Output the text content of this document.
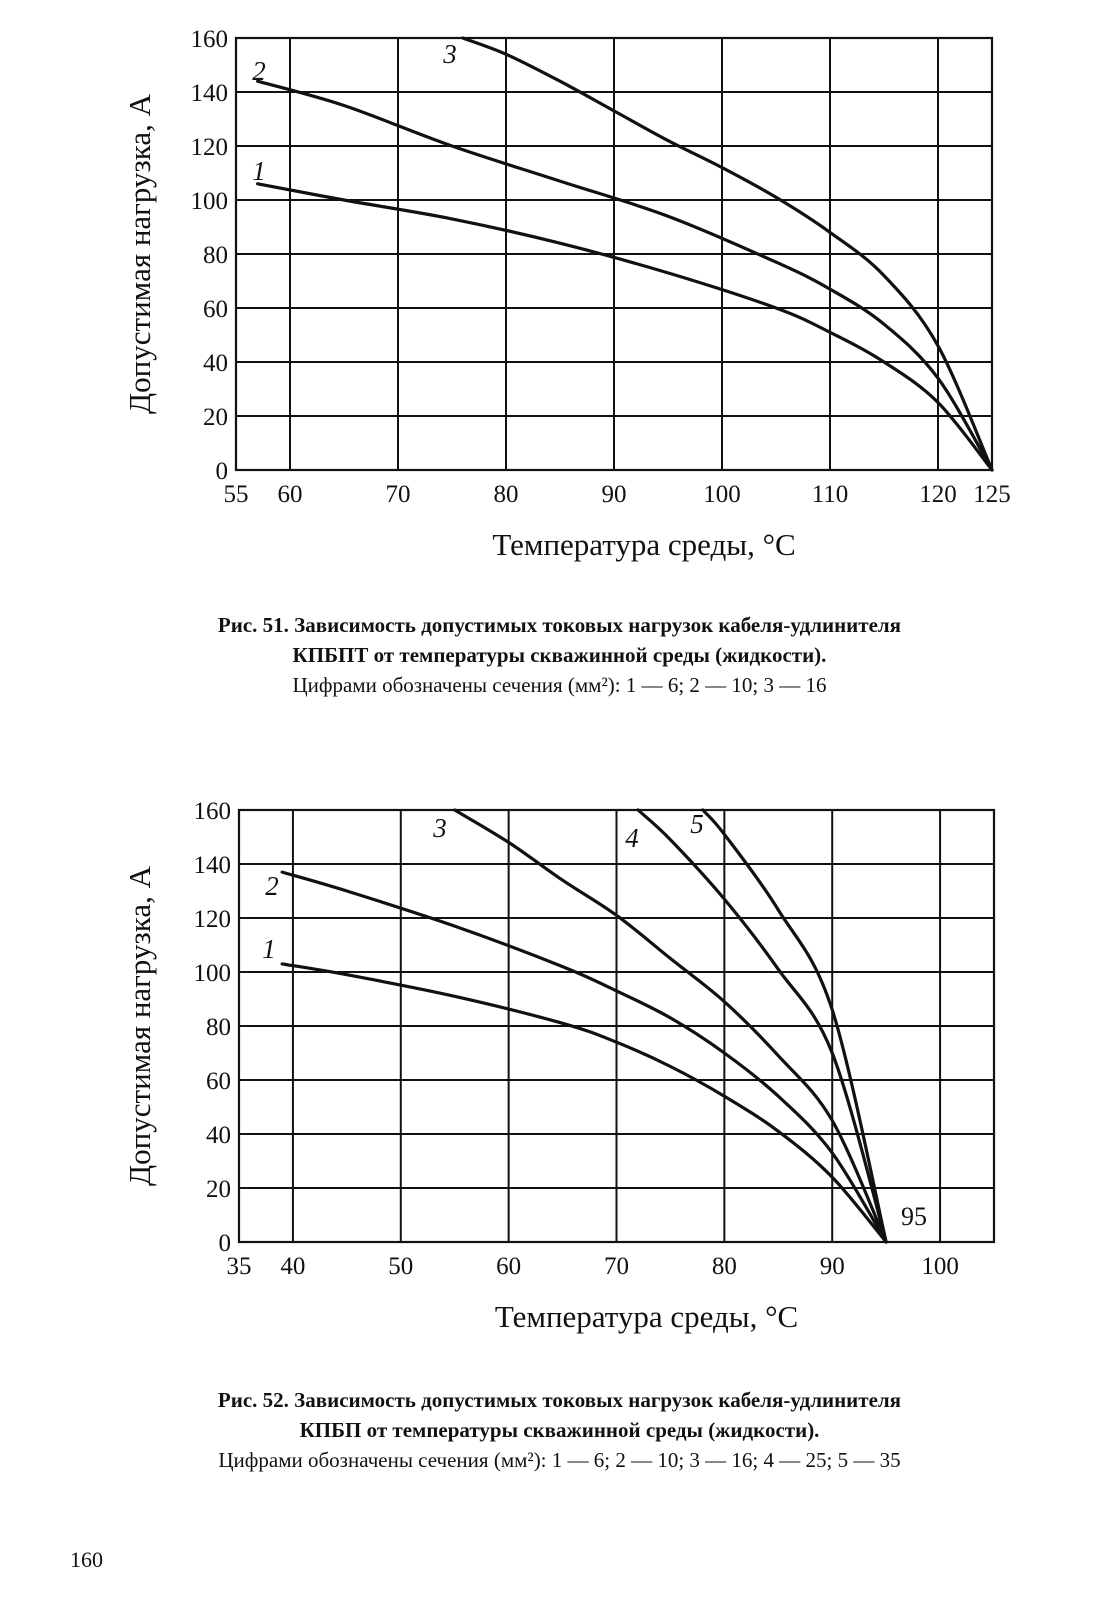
55 60	70	80	90	100	110	120 125
0
20
40
60
80
100
120
140
160
1
2
3
Температура среды, °C
Допустимая нагрузка, А
Рис. 51. Зависимость допустимых токовых нагрузок кабеля-удлинителя
КПБПТ от температуры скважинной среды (жидкости).
Цифрами обозначены сечения (мм²): 1 — 6; 2 — 10; 3 — 16
35 40	50	60	70	80	90	100
0
20
40
60
80
100
120
140
160
1
2
3	4 5
Температура среды, °C
Допустимая нагрузка, А
95
Рис. 52. Зависимость допустимых токовых нагрузок кабеля-удлинителя
КПБП от температуры скважинной среды (жидкости).
Цифрами обозначены сечения (мм²): 1 — 6; 2 — 10; 3 — 16; 4 — 25; 5 — 35
160
